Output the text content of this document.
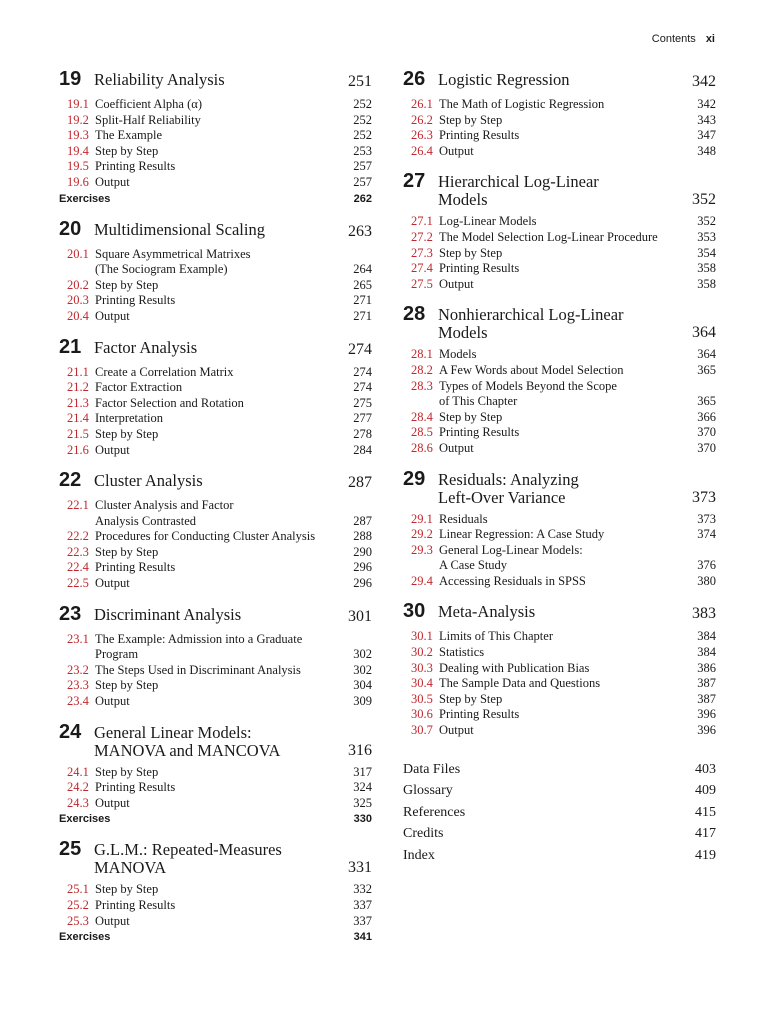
Contents xi
19 Reliability Analysis	251
19.1 Coefficient Alpha (α)	252
19.2 Split-Half Reliability	252
19.3 The Example	252
19.4 Step by Step	253
19.5 Printing Results	257
19.6 Output	257
Exercises	262
20 Multidimensional Scaling	263
20.1 Square Asymmetrical Matrixes
(The Sociogram Example)	264
20.2 Step by Step	265
20.3 Printing Results	271
20.4 Output	271
21 Factor Analysis	274
21.1 Create a Correlation Matrix	274
21.2 Factor Extraction	274
21.3 Factor Selection and Rotation	275
21.4 Interpretation	277
21.5 Step by Step	278
21.6 Output	284
22 Cluster Analysis	287
22.1 Cluster Analysis and Factor
Analysis Contrasted	287
22.2 Procedures for Conducting Cluster Analysis	288
22.3 Step by Step	290
22.4 Printing Results	296
22.5 Output	296
23 Discriminant Analysis	301
23.1 The Example: Admission into a Graduate
Program	302
23.2 The Steps Used in Discriminant Analysis	302
23.3 Step by Step	304
23.4 Output	309
24 General Linear Models:
MANOVA and MANCOVA	316
24.1 Step by Step	317
24.2 Printing Results	324
24.3 Output	325
Exercises	330
25 G.L.M.: Repeated-Measures
MANOVA	331
25.1 Step by Step	332
25.2 Printing Results	337
25.3 Output	337
Exercises	341
26 Logistic Regression	342
26.1 The Math of Logistic Regression	342
26.2 Step by Step	343
26.3 Printing Results	347
26.4 Output	348
27 Hierarchical Log-Linear
Models	352
27.1 Log-Linear Models	352
27.2 The Model Selection Log-Linear Procedure	353
27.3 Step by Step	354
27.4 Printing Results	358
27.5 Output	358
28 Nonhierarchical Log-Linear
Models	364
28.1 Models	364
28.2 A Few Words about Model Selection	365
28.3 Types of Models Beyond the Scope
of This Chapter	365
28.4 Step by Step	366
28.5 Printing Results	370
28.6 Output	370
29 Residuals: Analyzing
Left-Over Variance	373
29.1 Residuals	373
29.2 Linear Regression: A Case Study	374
29.3 General Log-Linear Models:
A Case Study	376
29.4 Accessing Residuals in SPSS	380
30 Meta-Analysis	383
30.1 Limits of This Chapter	384
30.2 Statistics	384
30.3 Dealing with Publication Bias	386
30.4 The Sample Data and Questions	387
30.5 Step by Step	387
30.6 Printing Results	396
30.7 Output	396
Data Files	403
Glossary	409
References	415
Credits	417
Index	419
